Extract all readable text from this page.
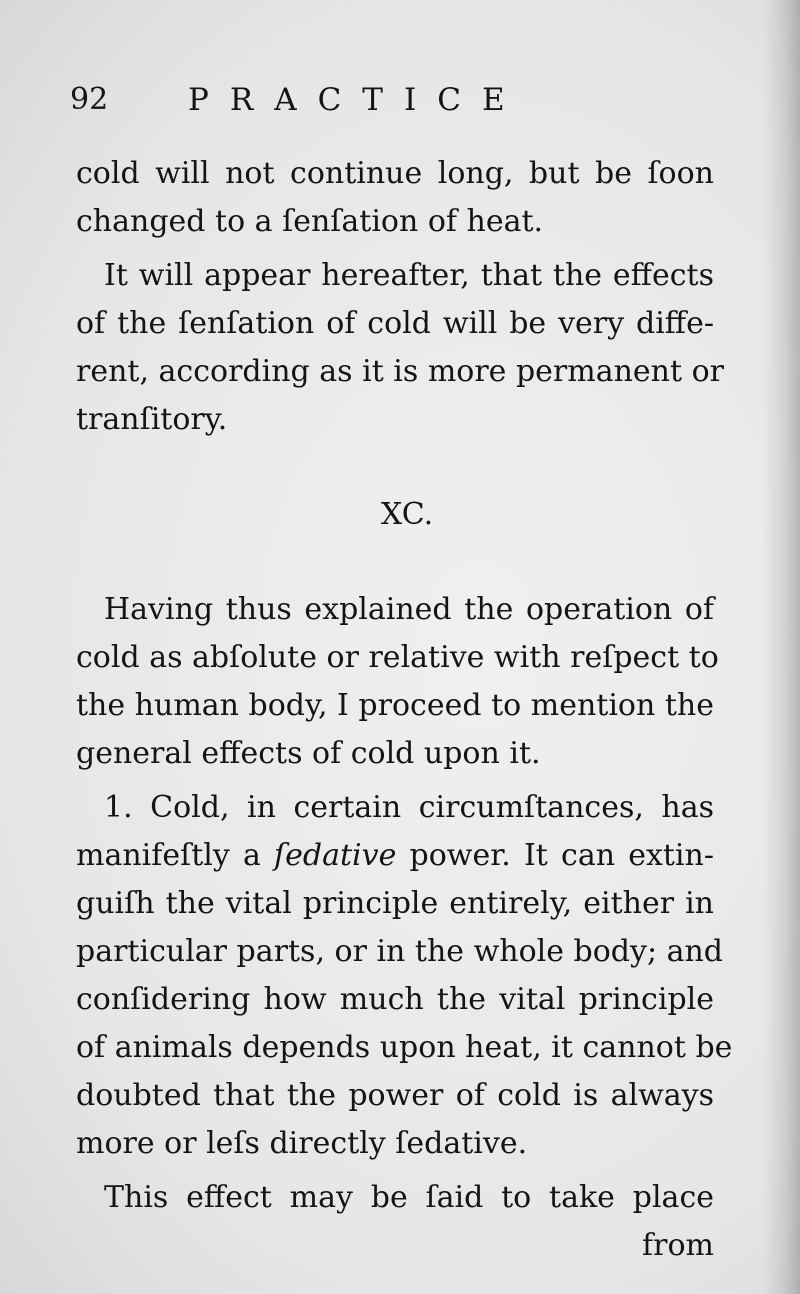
92	PRACTICE
cold will not continue long, but be ſoon
changed to a ſenſation of heat.
It will appear hereafter, that the effects
of the ſenſation of cold will be very diffe-
rent, according as it is more permanent or
tranſitory.
XC.
Having thus explained the operation of
cold as abſolute or relative with reſpect to
the human body, I proceed to mention the
general effects of cold upon it.
1. Cold, in certain circumſtances, has
manifeſtly a ſedative power. It can extin-
guiſh the vital principle entirely, either in
particular parts, or in the whole body; and
conſidering how much the vital principle
of animals depends upon heat, it cannot be
doubted that the power of cold is always
more or leſs directly ſedative.
This effect may be ſaid to take place
from
